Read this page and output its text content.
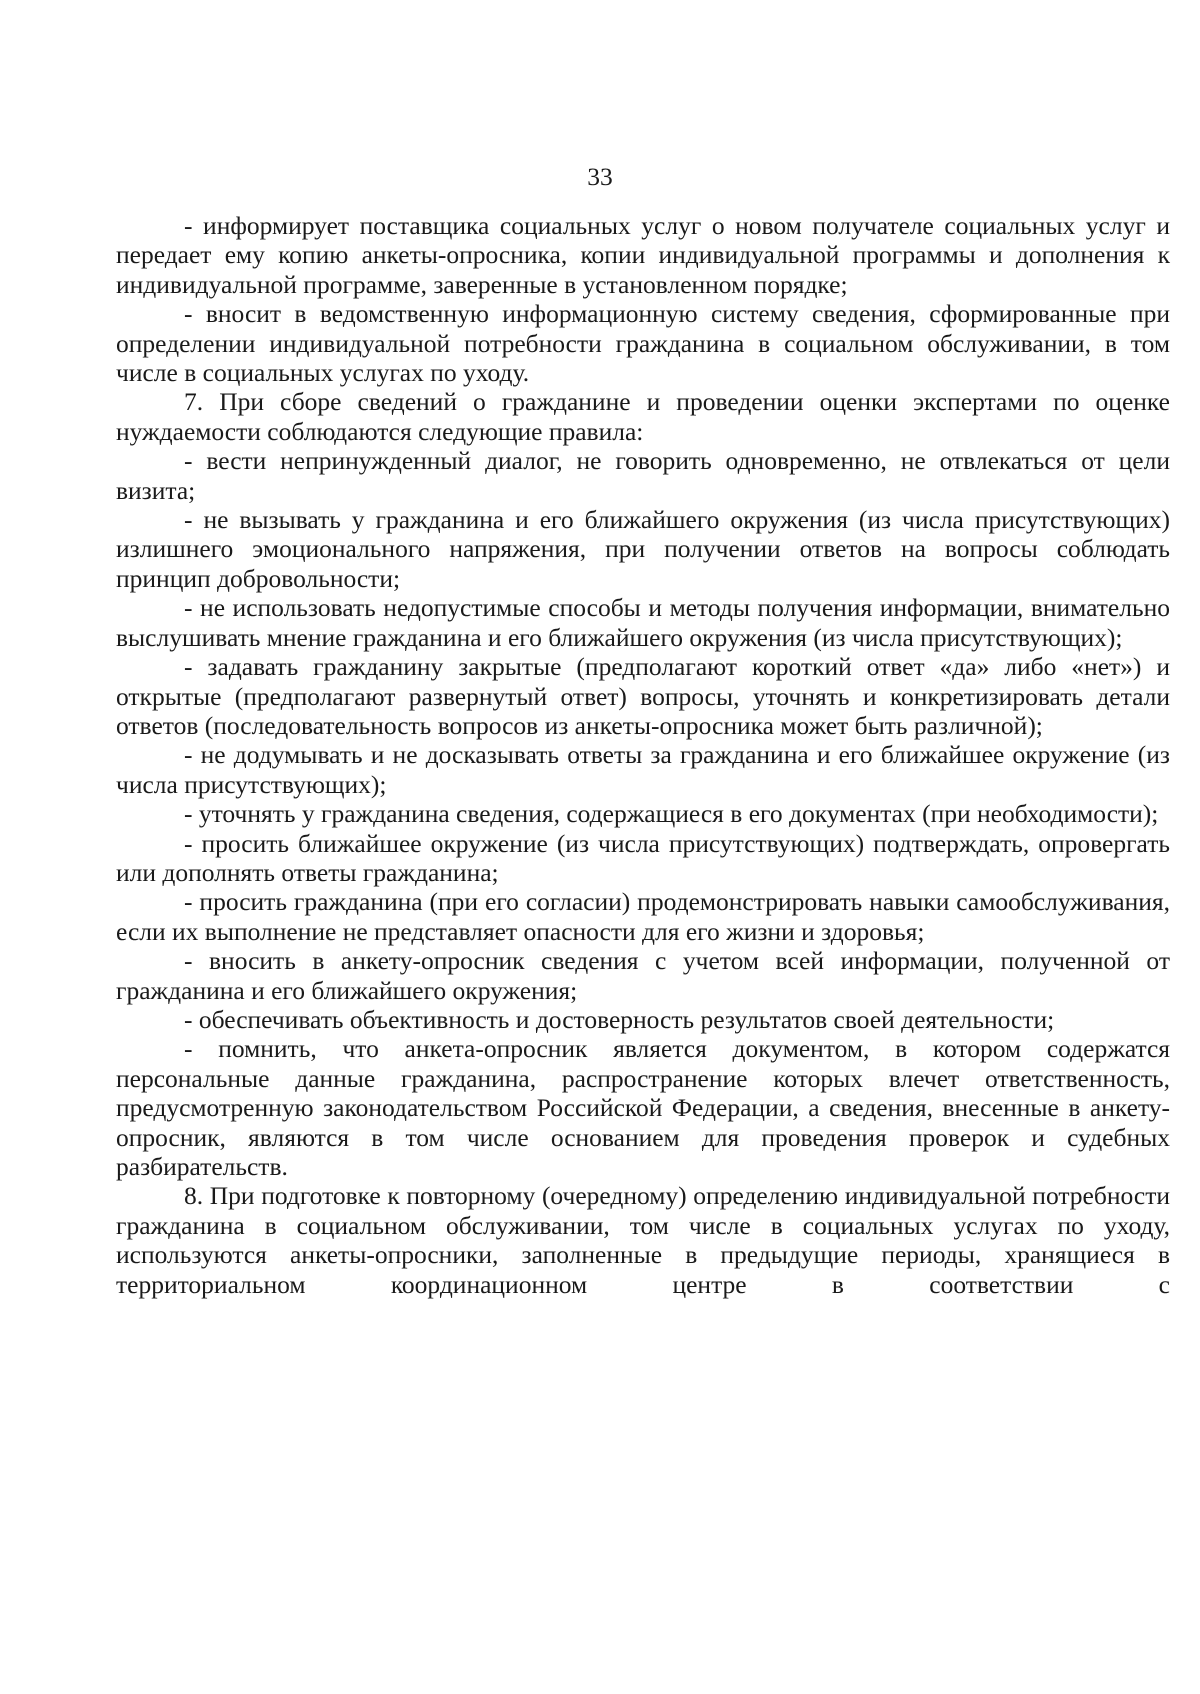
33

- информирует поставщика социальных услуг о новом получателе социальных услуг и передает ему копию анкеты-опросника, копии индивидуальной программы и дополнения к индивидуальной программе, заверенные в установленном порядке;

- вносит в ведомственную информационную систему сведения, сформированные при определении индивидуальной потребности гражданина в социальном обслуживании, в том числе в социальных услугах по уходу.

7. При сборе сведений о гражданине и проведении оценки экспертами по оценке нуждаемости соблюдаются следующие правила:

- вести непринужденный диалог, не говорить одновременно, не отвлекаться от цели визита;

- не вызывать у гражданина и его ближайшего окружения (из числа присутствующих) излишнего эмоционального напряжения, при получении ответов на вопросы соблюдать принцип добровольности;

- не использовать недопустимые способы и методы получения информации, внимательно выслушивать мнение гражданина и его ближайшего окружения (из числа присутствующих);

- задавать гражданину закрытые (предполагают короткий ответ «да» либо «нет») и открытые (предполагают развернутый ответ) вопросы, уточнять и конкретизировать детали ответов (последовательность вопросов из анкеты-опросника может быть различной);

- не додумывать и не досказывать ответы за гражданина и его ближайшее окружение (из числа присутствующих);

- уточнять у гражданина сведения, содержащиеся в его документах (при необходимости);

- просить ближайшее окружение (из числа присутствующих) подтверждать, опровергать или дополнять ответы гражданина;

- просить гражданина (при его согласии) продемонстрировать навыки самообслуживания, если их выполнение не представляет опасности для его жизни и здоровья;

- вносить в анкету-опросник сведения с учетом всей информации, полученной от гражданина и его ближайшего окружения;

- обеспечивать объективность и достоверность результатов своей деятельности;

- помнить, что анкета-опросник является документом, в котором содержатся персональные данные гражданина, распространение которых влечет ответственность, предусмотренную законодательством Российской Федерации, а сведения, внесенные в анкету-опросник, являются в том числе основанием для проведения проверок и судебных разбирательств.

8. При подготовке к повторному (очередному) определению индивидуальной потребности гражданина в социальном обслуживании, том числе в социальных услугах по уходу, используются анкеты-опросники, заполненные в предыдущие периоды, хранящиеся в территориальном координационном центре в соответствии с
